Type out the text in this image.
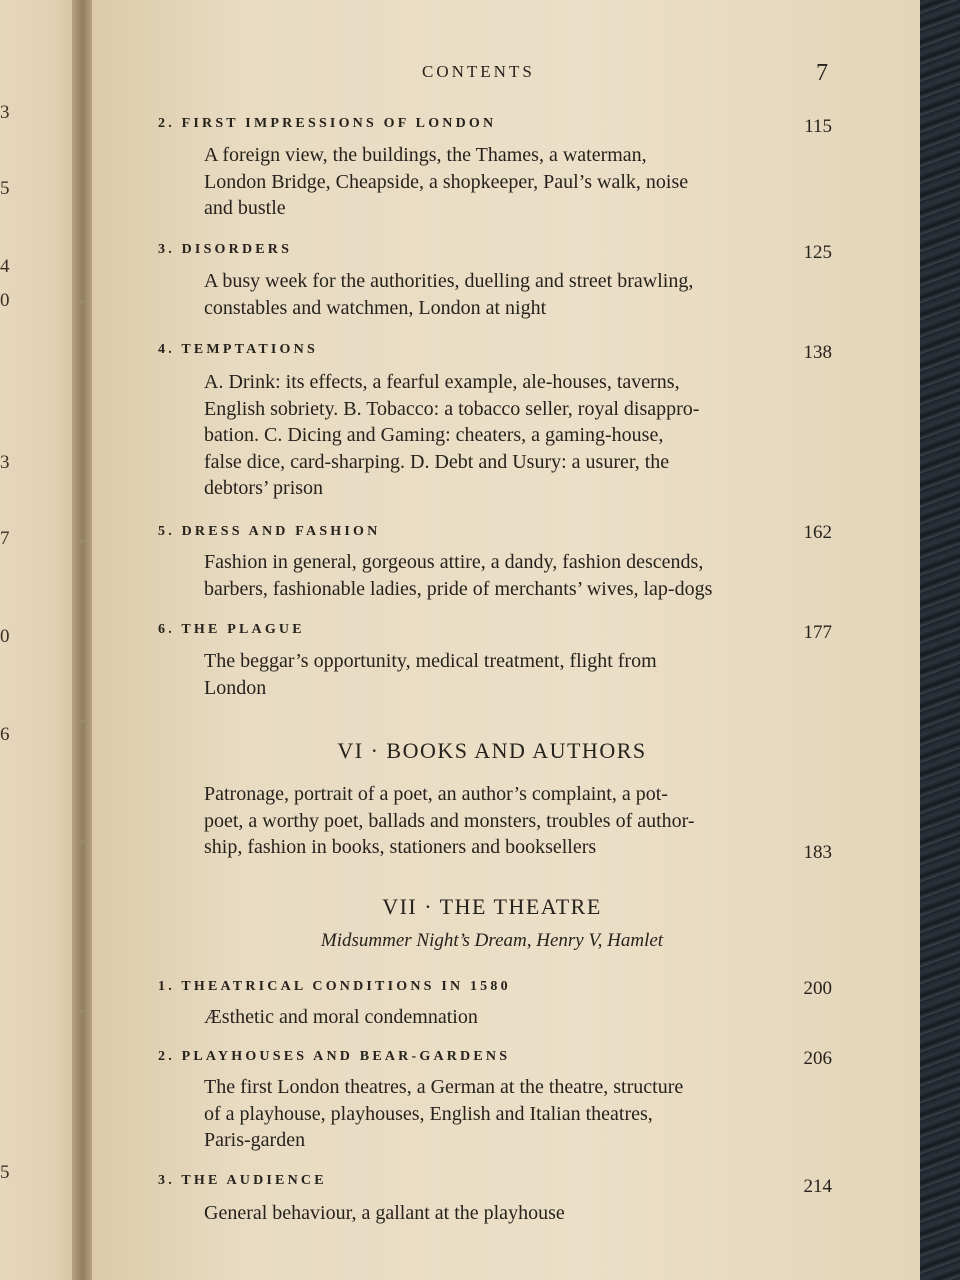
3
5
4
0
3
7
0
6
5
CONTENTS	7
2. FIRST IMPRESSIONS OF LONDON	115
A foreign view, the buildings, the Thames, a waterman,
London Bridge, Cheapside, a shopkeeper, Paul’s walk, noise
and bustle
3. DISORDERS	125
A busy week for the authorities, duelling and street brawling,
constables and watchmen, London at night
4. TEMPTATIONS	138
A. Drink: its effects, a fearful example, ale-houses, taverns,
English sobriety. B. Tobacco: a tobacco seller, royal disappro-
bation. C. Dicing and Gaming: cheaters, a gaming-house,
false dice, card-sharping. D. Debt and Usury: a usurer, the
debtors’ prison
5. DRESS AND FASHION	162
Fashion in general, gorgeous attire, a dandy, fashion descends,
barbers, fashionable ladies, pride of merchants’ wives, lap-dogs
6. THE PLAGUE	177
The beggar’s opportunity, medical treatment, flight from
London
VI · BOOKS AND AUTHORS
Patronage, portrait of a poet, an author’s complaint, a pot-
poet, a worthy poet, ballads and monsters, troubles of author-
ship, fashion in books, stationers and booksellers	183
VII · THE THEATRE
Midsummer Night’s Dream, Henry V, Hamlet
1. THEATRICAL CONDITIONS IN 1580	200
Æsthetic and moral condemnation
2. PLAYHOUSES AND BEAR-GARDENS	206
The first London theatres, a German at the theatre, structure
of a playhouse, playhouses, English and Italian theatres,
Paris-garden
3. THE AUDIENCE	214
General behaviour, a gallant at the playhouse
